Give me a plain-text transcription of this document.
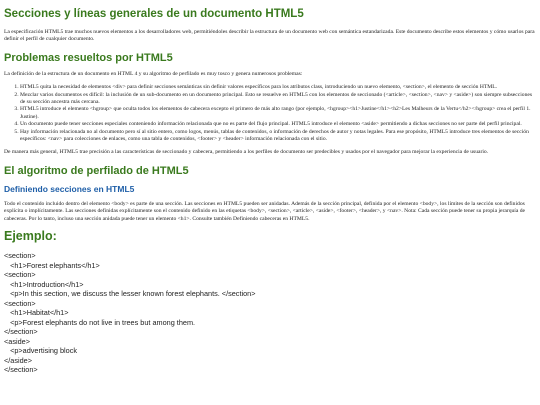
Secciones y líneas generales de un documento HTML5

La especificación HTML5 trae muchos nuevos elementos a los desarrolladores web, permitiéndoles describir la estructura de un documento web con semántica estandarizada. Este documento describe estos elementos y cómo usarlos para definir el perfil de cualquier documento.

Problemas resueltos por HTML5

La definición de la estructura de un documento en HTML 4 y su algoritmo de perfilado es muy tosco y genera numerosos problemas:

1. HTML5 quita la necesidad de elementos <div> para definir secciones semánticas sin definir valores específicos para los atributos class, introduciendo un nuevo elemento, <section>, el elemento de sección HTML.
2. Mezclar varios documentos es difícil: la inclusión de un sub-documento en un documento principal. Esto se resuelve en HTML5 con los elementos de seccionado (<article>, <section>, <nav> y <aside>) son siempre subsecciones de su sección ancestra más cercana.
3. HTML5 introduce el elemento <hgroup> que oculta todos los elementos de cabecera excepto el primero de más alto rango (por ejemplo, <hgroup><h1>Justine</h1><h2>Les Malheurs de la Vertu</h2></hgroup> crea el perfil 1. Justine).
4. Un documento puede tener secciones especiales conteniendo información relacionada que no es parte del flujo principal. HTML5 introduce el elemento <aside> permitiendo a dichas secciones no ser parte del perfil principal.
5. Hay información relacionada no al documento pero sí al sitio entero, como logos, menús, tablas de contenidos, o información de derechos de autor y notas legales. Para ese propósito, HTML5 introduce tres elementos de sección específicos: <nav> para colecciones de enlaces, como una tabla de contenidos, <footer> y <header> información relacionada con el sitio.

De manera más general, HTML5 trae precisión a las características de seccionado y cabecera, permitiendo a los perfiles de documento ser predecibles y usados por el navegador para mejorar la experiencia de usuario.

El algoritmo de perfilado de HTML5
Definiendo secciones en HTML5

Todo el contenido incluido dentro del elemento <body> es parte de una sección. Las secciones en HTML5 pueden ser anidadas. Además de la sección principal, definida por el elemento <body>, los límites de la sección son definidos explícita o implícitamente. Las secciones definidas explícitamente son el contenido definido en las etiquetas <body>, <section>, <article>, <aside>, <footer>, <header>, y <nav>. Nota: Cada sección puede tener su propia jerarquía de cabeceras. Por lo tanto, incluso una sección anidada puede tener un elemento <h1>. Consulte también Definiendo cabeceras en HTML5.

Ejemplo:
<section>
<h1>Forest elephants</h1>
<section>
<h1>Introduction</h1>
<p>In this section, we discuss the lesser known forest elephants. </section>
<section>
<h1>Habitat</h1>
<p>Forest elephants do not live in trees but among them.
</section>
<aside>
<p>advertising block
</aside>
</section>
